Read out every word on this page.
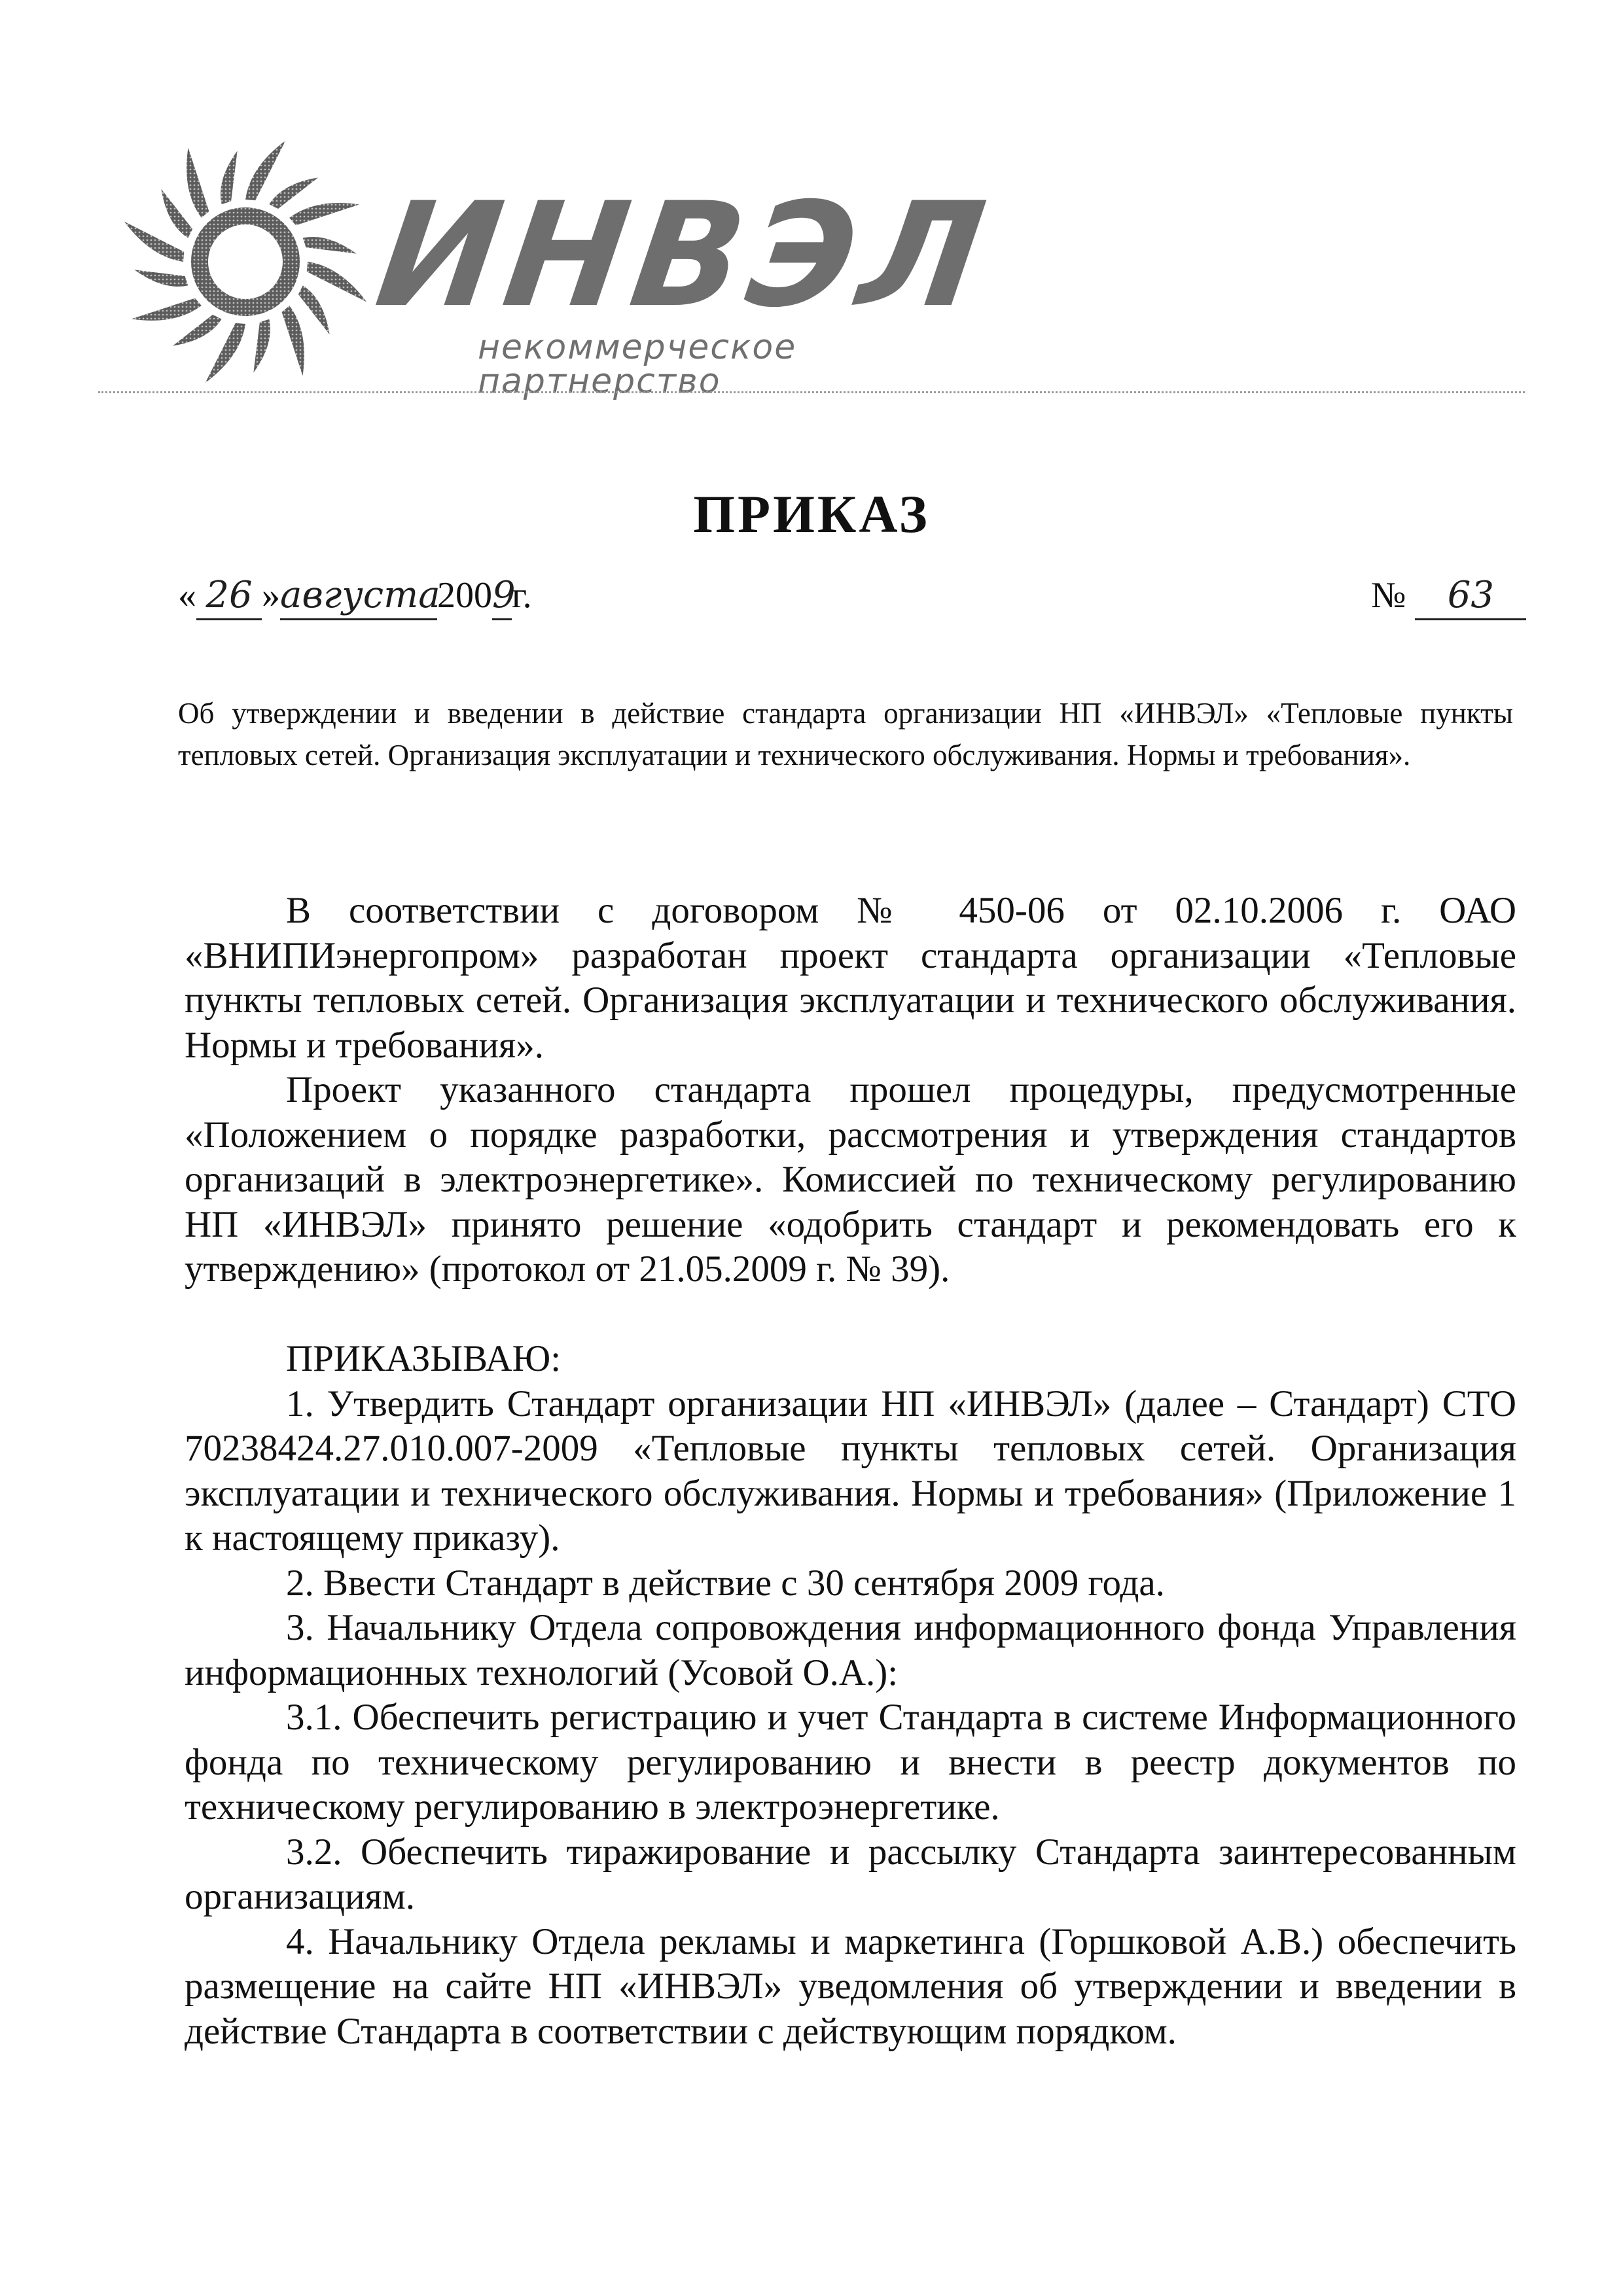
ИНВЭЛ
некоммерческое партнерство
ПРИКАЗ
« 26 »августа2009г.	№ 63

Об утверждении и введении в действие стандарта организации НП «ИНВЭЛ» «Тепловые пункты тепловых сетей. Организация эксплуатации и технического обслуживания. Нормы и требования».

В соответствии с договором № 450-06 от 02.10.2006 г. ОАО «ВНИПИэнергопром» разработан проект стандарта организации «Тепловые пункты тепловых сетей. Организация эксплуатации и технического обслуживания. Нормы и требования».

Проект указанного стандарта прошел процедуры, предусмотренные «Положением о порядке разработки, рассмотрения и утверждения стандартов организаций в электроэнергетике». Комиссией по техническому регулированию НП «ИНВЭЛ» принято решение «одобрить стандарт и рекомендовать его к утверждению» (протокол от 21.05.2009 г. № 39).

ПРИКАЗЫВАЮ:

1. Утвердить Стандарт организации НП «ИНВЭЛ» (далее – Стандарт) СТО 70238424.27.010.007-2009 «Тепловые пункты тепловых сетей. Организация эксплуатации и технического обслуживания. Нормы и требования» (Приложение 1 к настоящему приказу).

2. Ввести Стандарт в действие с 30 сентября 2009 года.

3. Начальнику Отдела сопровождения информационного фонда Управления информационных технологий (Усовой О.А.):

3.1. Обеспечить регистрацию и учет Стандарта в системе Информационного фонда по техническому регулированию и внести в реестр документов по техническому регулированию в электроэнергетике.

3.2. Обеспечить тиражирование и рассылку Стандарта заинтересованным организациям.

4. Начальнику Отдела рекламы и маркетинга (Горшковой А.В.) обеспечить размещение на сайте НП «ИНВЭЛ» уведомления об утверждении и введении в действие Стандарта в соответствии с действующим порядком.
